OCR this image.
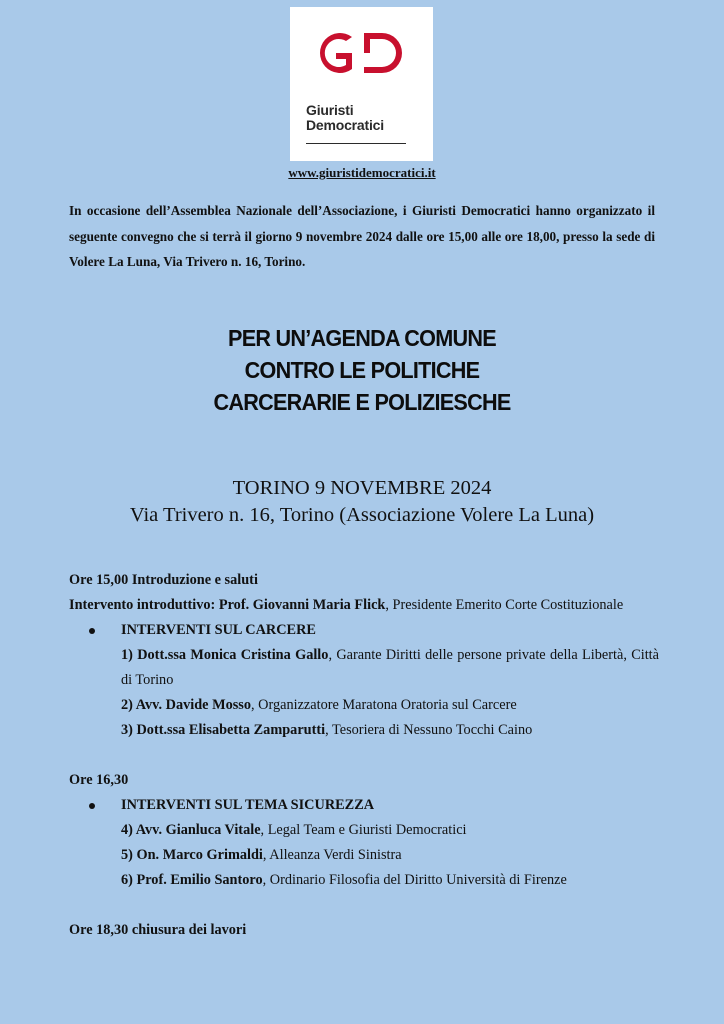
Giuristi
Democratici
www.giuristidemocratici.it

In occasione dell’Assemblea Nazionale dell’Associazione, i Giuristi Democratici hanno organizzato il seguente convegno che si terrà il giorno 9 novembre 2024 dalle ore 15,00 alle ore 18,00, presso la sede di Volere La Luna, Via Trivero n. 16, Torino.

PER UN’AGENDA COMUNE
CONTRO LE POLITICHE
CARCERARIE E POLIZIESCHE
TORINO 9 NOVEMBRE 2024
Via Trivero n. 16, Torino (Associazione Volere La Luna)

Ore 15,00 Introduzione e saluti

Intervento introduttivo: Prof. Giovanni Maria Flick, Presidente Emerito Corte Costituzionale

INTERVENTI SUL CARCERE

1) Dott.ssa Monica Cristina Gallo, Garante Diritti delle persone private della Libertà, Città di Torino

2) Avv. Davide Mosso, Organizzatore Maratona Oratoria sul Carcere

3) Dott.ssa Elisabetta Zamparutti, Tesoriera di Nessuno Tocchi Caino

Ore 16,30

INTERVENTI SUL TEMA SICUREZZA

4) Avv. Gianluca Vitale, Legal Team e Giuristi Democratici

5) On. Marco Grimaldi, Alleanza Verdi Sinistra

6) Prof. Emilio Santoro, Ordinario Filosofia del Diritto Università di Firenze

Ore 18,30 chiusura dei lavori
